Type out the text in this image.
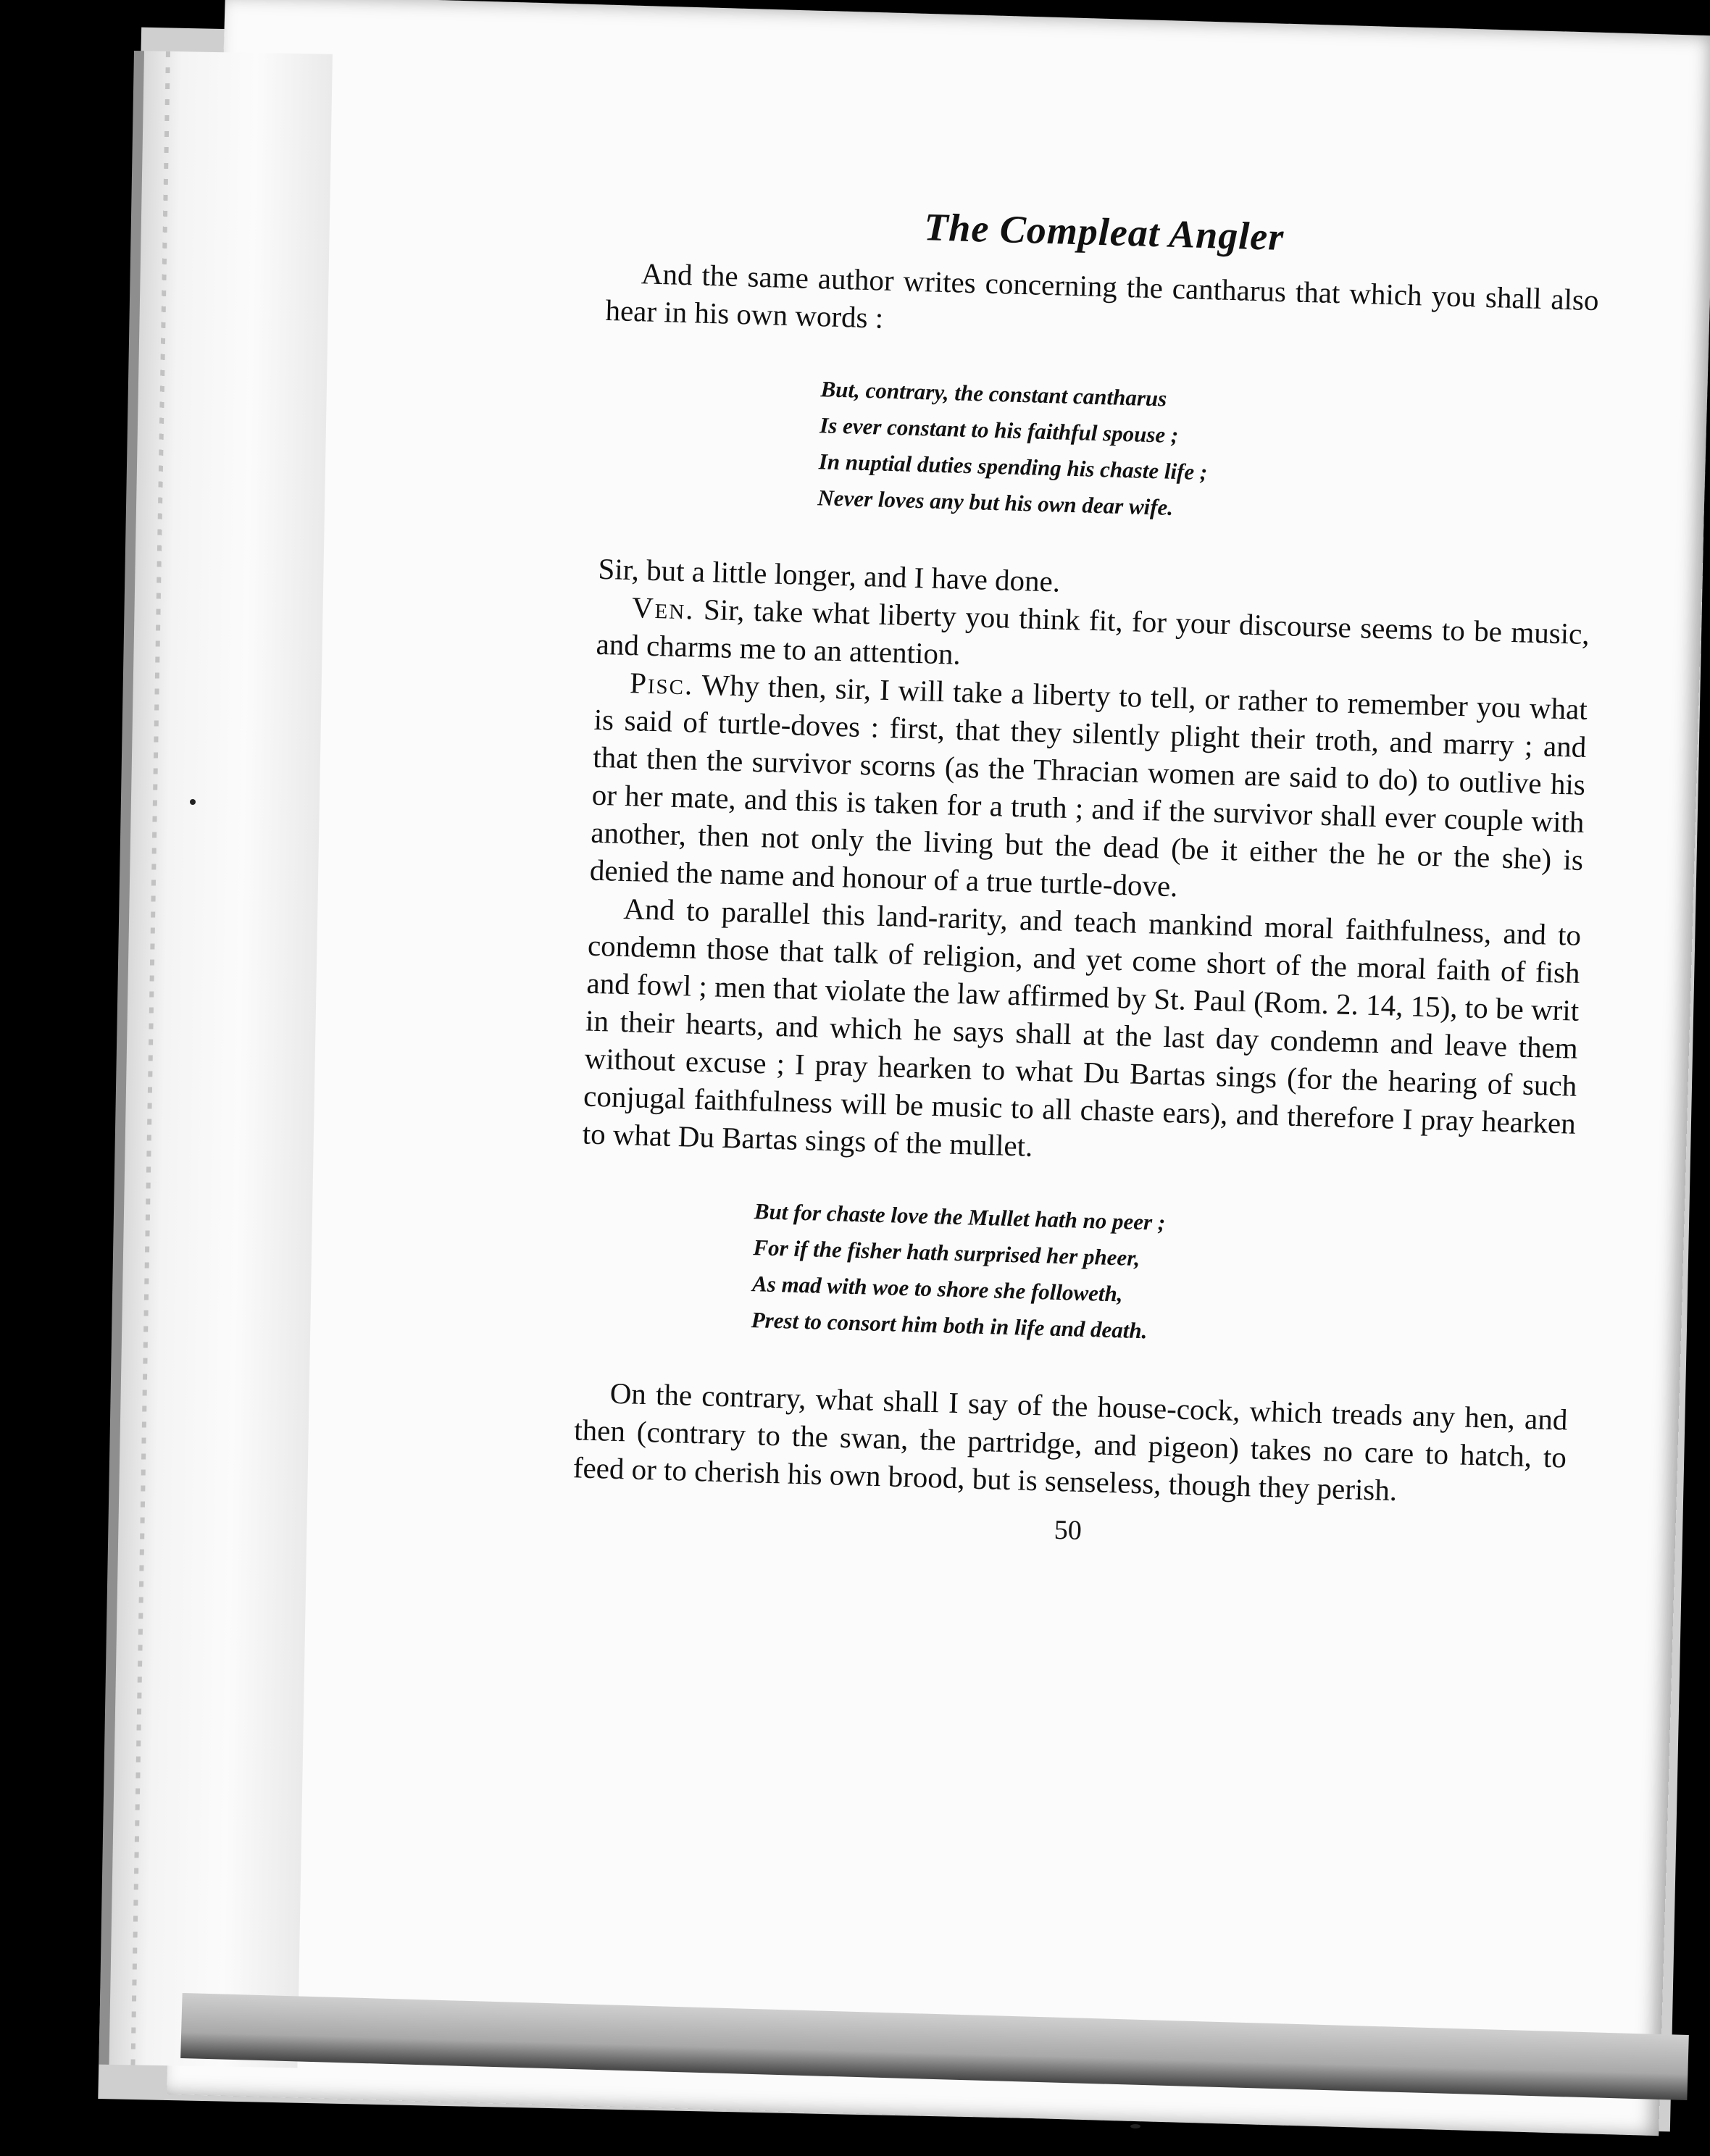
The Compleat Angler

And the same author writes concerning the cantharus that which you shall also hear in his own words :

But, contrary, the constant cantharus
Is ever constant to his faithful spouse ;
In nuptial duties spending his chaste life ;
Never loves any but his own dear wife.

Sir, but a little longer, and I have done.

Ven. Sir, take what liberty you think fit, for your discourse seems to be music, and charms me to an attention.

Pisc. Why then, sir, I will take a liberty to tell, or rather to remember you what is said of turtle-doves : first, that they silently plight their troth, and marry ; and that then the survivor scorns (as the Thracian women are said to do) to outlive his or her mate, and this is taken for a truth ; and if the survivor shall ever couple with another, then not only the living but the dead (be it either the he or the she) is denied the name and honour of a true turtle-dove.

And to parallel this land-rarity, and teach mankind moral faithfulness, and to condemn those that talk of religion, and yet come short of the moral faith of fish and fowl ; men that violate the law affirmed by St. Paul (Rom. 2. 14, 15), to be writ in their hearts, and which he says shall at the last day condemn and leave them without excuse ; I pray hearken to what Du Bartas sings (for the hearing of such conjugal faithfulness will be music to all chaste ears), and therefore I pray hearken to what Du Bartas sings of the mullet.

But for chaste love the Mullet hath no peer ;
For if the fisher hath surprised her pheer,
As mad with woe to shore she followeth,
Prest to consort him both in life and death.

On the contrary, what shall I say of the house-cock, which treads any hen, and then (contrary to the swan, the partridge, and pigeon) takes no care to hatch, to feed or to cherish his own brood, but is senseless, though they perish.

50
